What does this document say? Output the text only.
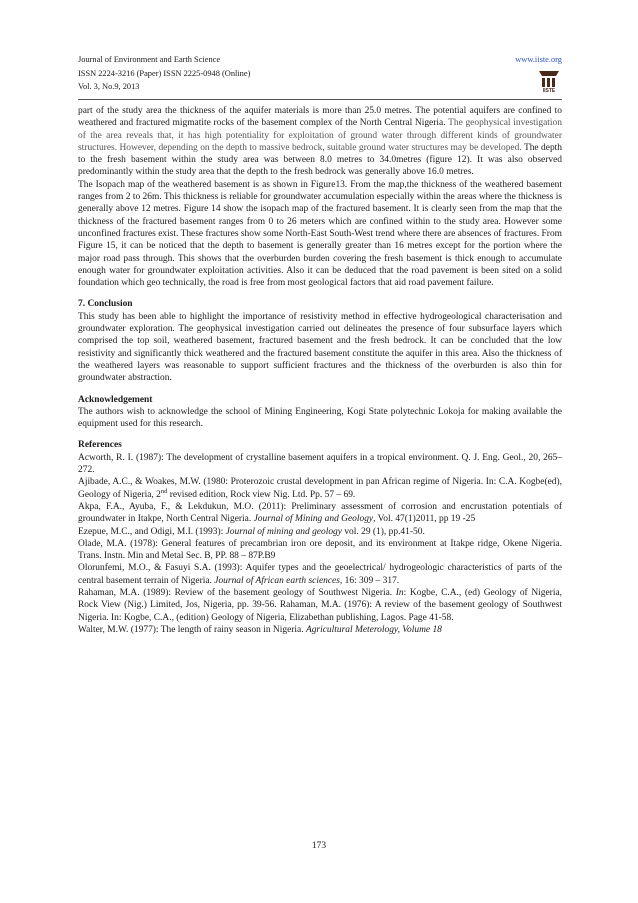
Journal of Environment and Earth Science	www.iiste.org
ISSN 2224-3216 (Paper) ISSN 2225-0948 (Online)
Vol. 3, No.9, 2013	IISTE

part of the study area the thickness of the aquifer materials is more than 25.0 metres. The potential aquifers are confined to weathered and fractured migmatite rocks of the basement complex of the North Central Nigeria. The geophysical investigation of the area reveals that, it has high potentiality for exploitation of ground water through different kinds of groundwater structures. However, depending on the depth to massive bedrock, suitable ground water structures may be developed. The depth to the fresh basement within the study area was between 8.0 metres to 34.0metres (figure 12). It was also observed predominantly within the study area that the depth to the fresh bedrock was generally above 16.0 metres.

The Isopach map of the weathered basement is as shown in Figure13. From the map,the thickness of the weathered basement ranges from 2 to 26m. This thickness is reliable for groundwater accumulation especially within the areas where the thickness is generally above 12 metres. Figure 14 show the isopach map of the fractured basement. It is clearly seen from the map that the thickness of the fractured basement ranges from 0 to 26 meters which are confined within to the study area. However some unconfined fractures exist. These fractures show some North-East South-West trend where there are absences of fractures. From Figure 15, it can be noticed that the depth to basement is generally greater than 16 metres except for the portion where the major road pass through. This shows that the overburden burden covering the fresh basement is thick enough to accumulate enough water for groundwater exploitation activities. Also it can be deduced that the road pavement is been sited on a solid foundation which geo technically, the road is free from most geological factors that aid road pavement failure.

7. Conclusion

This study has been able to highlight the importance of resistivity method in effective hydrogeological characterisation and groundwater exploration. The geophysical investigation carried out delineates the presence of four subsurface layers which comprised the top soil, weathered basement, fractured basement and the fresh bedrock. It can be concluded that the low resistivity and significantly thick weathered and the fractured basement constitute the aquifer in this area. Also the thickness of the weathered layers was reasonable to support sufficient fractures and the thickness of the overburden is also thin for groundwater abstraction.

Acknowledgement

The authors wish to acknowledge the school of Mining Engineering, Kogi State polytechnic Lokoja for making available the equipment used for this research.

References

Acworth, R. I. (1987): The development of crystalline basement aquifers in a tropical environment. Q. J. Eng. Geol., 20, 265–272.

Ajibade, A.C., & Woakes, M.W. (1980: Proterozoic crustal development in pan African regime of Nigeria. In: C.A. Kogbe(ed), Geology of Nigeria, 2nd revised edition, Rock view Nig. Ltd. Pp. 57 – 69.

Akpa, F.A., Ayuba, F., & Lekdukun, M.O. (2011): Preliminary assessment of corrosion and encrustation potentials of groundwater in Itakpe, North Central Nigeria. Journal of Mining and Geology, Vol. 47(1)2011, pp 19 -25

Ezepue, M.C., and Odigi, M.I. (1993): Journal of mining and geology vol. 29 (1), pp.41-50.

Olade, M.A. (1978): General features of precambrian iron ore deposit, and its environment at Itakpe ridge, Okene Nigeria. Trans. Instn. Min and Metal Sec. B, PP. 88 – 87P.B9

Olorunfemi, M.O., & Fasuyi S.A. (1993): Aquifer types and the geoelectrical/ hydrogeologic characteristics of parts of the central basement terrain of Nigeria. Journal of African earth sciences, 16: 309 – 317.

Rahaman, M.A. (1989): Review of the basement geology of Southwest Nigeria. In: Kogbe, C.A., (ed) Geology of Nigeria, Rock View (Nig.) Limited, Jos, Nigeria, pp. 39-56. Rahaman, M.A. (1976): A review of the basement geology of Southwest Nigeria. In: Kogbe, C.A., (edition) Geology of Nigeria, Elizabethan publishing, Lagos. Page 41-58.

Walter, M.W. (1977): The length of rainy season in Nigeria. Agricultural Meterology, Volume 18

173
